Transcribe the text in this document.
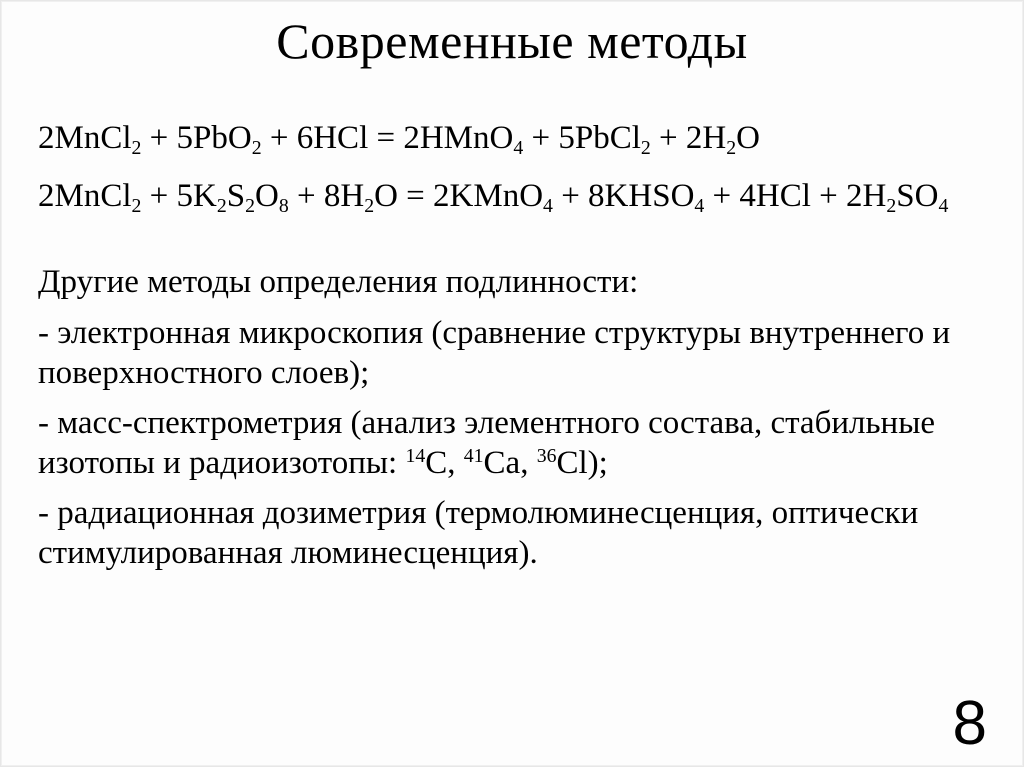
Современные методы
2MnCl$_2$ + 5PbO$_2$ + 6HCl = 2HMnO$_4$ + 5PbCl$_2$ + $2H_2O$
2MnCl$_2$ + $5K_2S_2O_8 + 8H_2O$ = 2KMnO$_4$ + $8KHSO_4 + 4HCl + 2H_2SO_4$
Другие методы определения подлинности:
- электронная микроскопия (сравнение структуры внутреннего и
поверхностного слоев);
- масс-спектрометрия (анализ элементного состава, стабильные
изотопы и радиоизотопы: $^{14}$C, $^{41}$Ca, $^{36}$Cl);
- радиационная дозиметрия (термолюминесценция, оптически
стимулированная люминесценция).
8
